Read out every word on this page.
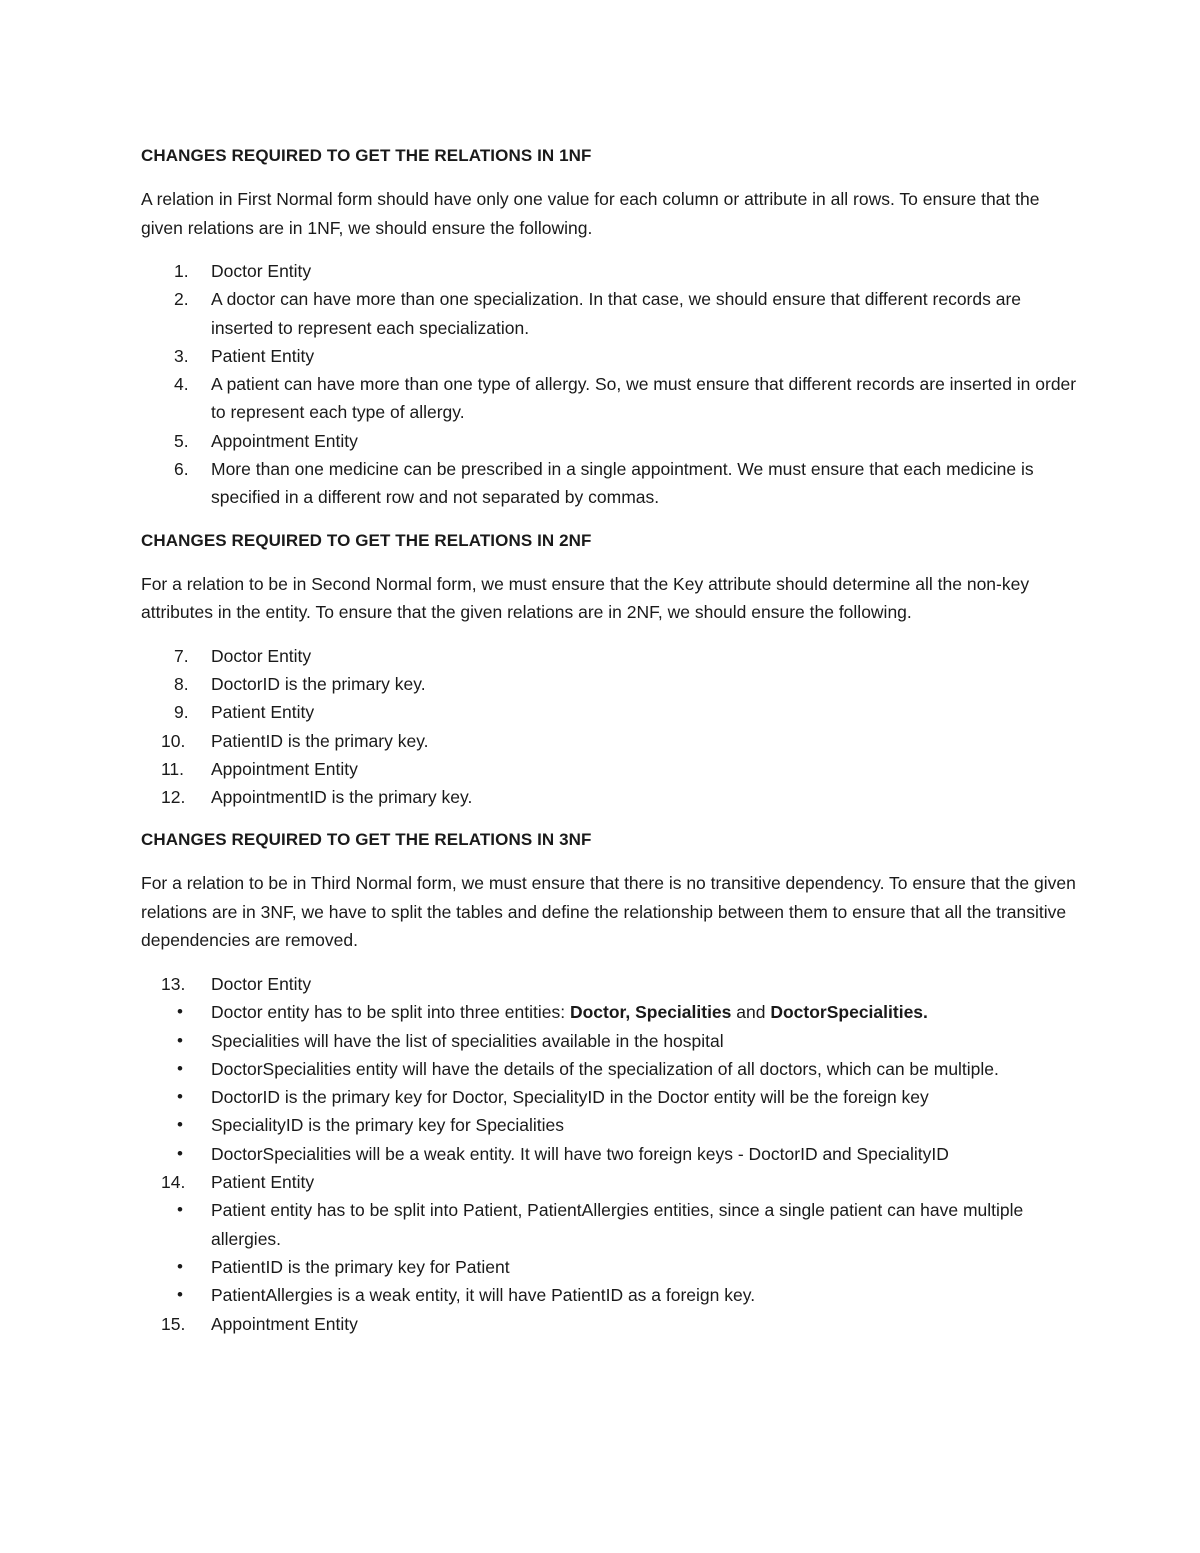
CHANGES REQUIRED TO GET THE RELATIONS IN 1NF
A relation in First Normal form should have only one value for each column or attribute in all rows. To ensure that the given relations are in 1NF, we should ensure the following.
1.	Doctor Entity
2.	A doctor can have more than one specialization. In that case, we should ensure that different records are inserted to represent each specialization.
3.	Patient Entity
4.	A patient can have more than one type of allergy. So, we must ensure that different records are inserted in order to represent each type of allergy.
5.	Appointment Entity
6.	More than one medicine can be prescribed in a single appointment. We must ensure that each medicine is specified in a different row and not separated by commas.
CHANGES REQUIRED TO GET THE RELATIONS IN 2NF
For a relation to be in Second Normal form, we must ensure that the Key attribute should determine all the non-key attributes in the entity. To ensure that the given relations are in 2NF, we should ensure the following.
7.	Doctor Entity
8.	DoctorID is the primary key.
9.	Patient Entity
10.	PatientID is the primary key.
11.	Appointment Entity
12.	AppointmentID is the primary key.
CHANGES REQUIRED TO GET THE RELATIONS IN 3NF
For a relation to be in Third Normal form, we must ensure that there is no transitive dependency. To ensure that the given relations are in 3NF, we have to split the tables and define the relationship between them to ensure that all the transitive dependencies are removed.
13.	Doctor Entity
• Doctor entity has to be split into three entities: Doctor, Specialities and DoctorSpecialities.
• Specialities will have the list of specialities available in the hospital
• DoctorSpecialities entity will have the details of the specialization of all doctors, which can be multiple.
• DoctorID is the primary key for Doctor, SpecialityID in the Doctor entity will be the foreign key
• SpecialityID is the primary key for Specialities
• DoctorSpecialities will be a weak entity. It will have two foreign keys - DoctorID and SpecialityID
14.	Patient Entity
• Patient entity has to be split into Patient, PatientAllergies entities, since a single patient can have multiple allergies.
• PatientID is the primary key for Patient
• PatientAllergies is a weak entity, it will have PatientID as a foreign key.
15.	Appointment Entity
